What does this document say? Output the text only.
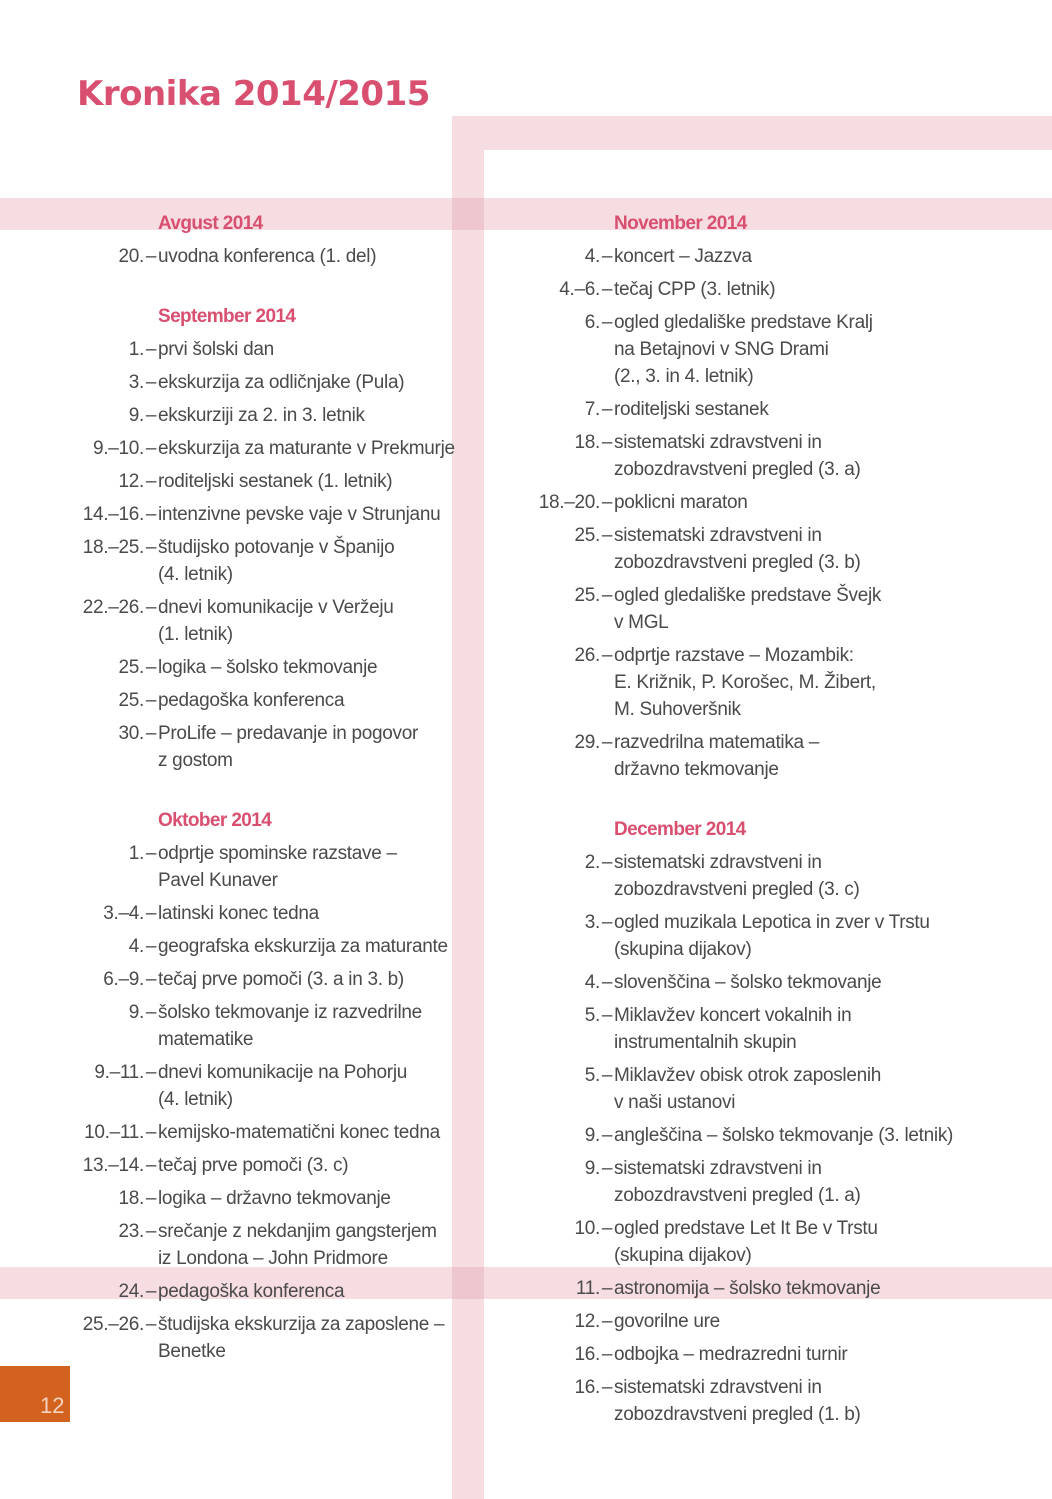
Kronika 2014/2015
Avgust 2014
20. – uvodna konferenca (1. del)
September 2014
1. – prvi šolski dan
3. – ekskurzija za odličnjake (Pula)
9. – ekskurziji za 2. in 3. letnik
9.–10. – ekskurzija za maturante v Prekmurje
12. – roditeljski sestanek (1. letnik)
14.–16. – intenzivne pevske vaje v Strunjanu
18.–25. – študijsko potovanje v Španijo
(4. letnik)
22.–26. – dnevi komunikacije v Veržeju
(1. letnik)
25. – logika – šolsko tekmovanje
25. – pedagoška konferenca
30. – ProLife – predavanje in pogovor
z gostom
Oktober 2014
1. – odprtje spominske razstave –
Pavel Kunaver
3.–4. – latinski konec tedna
4. – geografska ekskurzija za maturante
6.–9. – tečaj prve pomoči (3. a in 3. b)
9. – šolsko tekmovanje iz razvedrilne
matematike
9.–11. – dnevi komunikacije na Pohorju
(4. letnik)
10.–11. – kemijsko-matematični konec tedna
13.–14. – tečaj prve pomoči (3. c)
18. – logika – državno tekmovanje
23. – srečanje z nekdanjim gangsterjem
iz Londona – John Pridmore
24. – pedagoška konferenca
25.–26. – študijska ekskurzija za zaposlene –
Benetke
November 2014
4. – koncert – Jazzva
4.–6. – tečaj CPP (3. letnik)
6. – ogled gledališke predstave Kralj
na Betajnovi v SNG Drami
(2., 3. in 4. letnik)
7. – roditeljski sestanek
18. – sistematski zdravstveni in
zobozdravstveni pregled (3. a)
18.–20. – poklicni maraton
25. – sistematski zdravstveni in
zobozdravstveni pregled (3. b)
25. – ogled gledališke predstave Švejk
v MGL
26. – odprtje razstave – Mozambik:
E. Križnik, P. Korošec, M. Žibert,
M. Suhoveršnik
29. – razvedrilna matematika –
državno tekmovanje
December 2014
2. – sistematski zdravstveni in
zobozdravstveni pregled (3. c)
3. – ogled muzikala Lepotica in zver v Trstu
(skupina dijakov)
4. – slovenščina – šolsko tekmovanje
5. – Miklavžev koncert vokalnih in
instrumentalnih skupin
5. – Miklavžev obisk otrok zaposlenih
v naši ustanovi
9. – angleščina – šolsko tekmovanje (3. letnik)
9. – sistematski zdravstveni in
zobozdravstveni pregled (1. a)
10. – ogled predstave Let It Be v Trstu
(skupina dijakov)
11. – astronomija – šolsko tekmovanje
12. – govorilne ure
16. – odbojka – medrazredni turnir
16. – sistematski zdravstveni in
zobozdravstveni pregled (1. b)
12
